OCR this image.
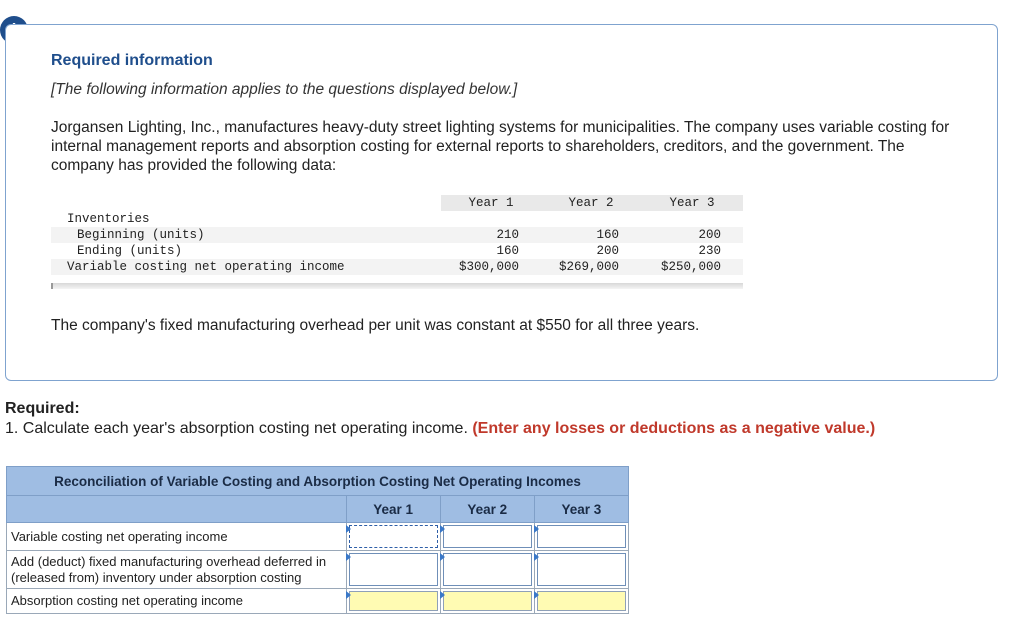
Required information
[The following information applies to the questions displayed below.]
Jorgansen Lighting, Inc., manufactures heavy-duty street lighting systems for municipalities. The company uses variable costing for internal management reports and absorption costing for external reports to shareholders, creditors, and the government. The company has provided the following data:
	Year 1	Year 2	Year 3
Inventories			
Beginning (units)	210	160	200
Ending (units)	160	200	230
Variable costing net operating income	$300,000	$269,000	$250,000
The company's fixed manufacturing overhead per unit was constant at $550 for all three years.
Required:
1. Calculate each year's absorption costing net operating income. (Enter any losses or deductions as a negative value.)
Reconciliation of Variable Costing and Absorption Costing Net Operating Incomes			
	Year 1	Year 2	Year 3
Variable costing net operating income	

Add (deduct) fixed manufacturing overhead deferred in (released from) inventory under absorption costing	

Absorption costing net operating income	
